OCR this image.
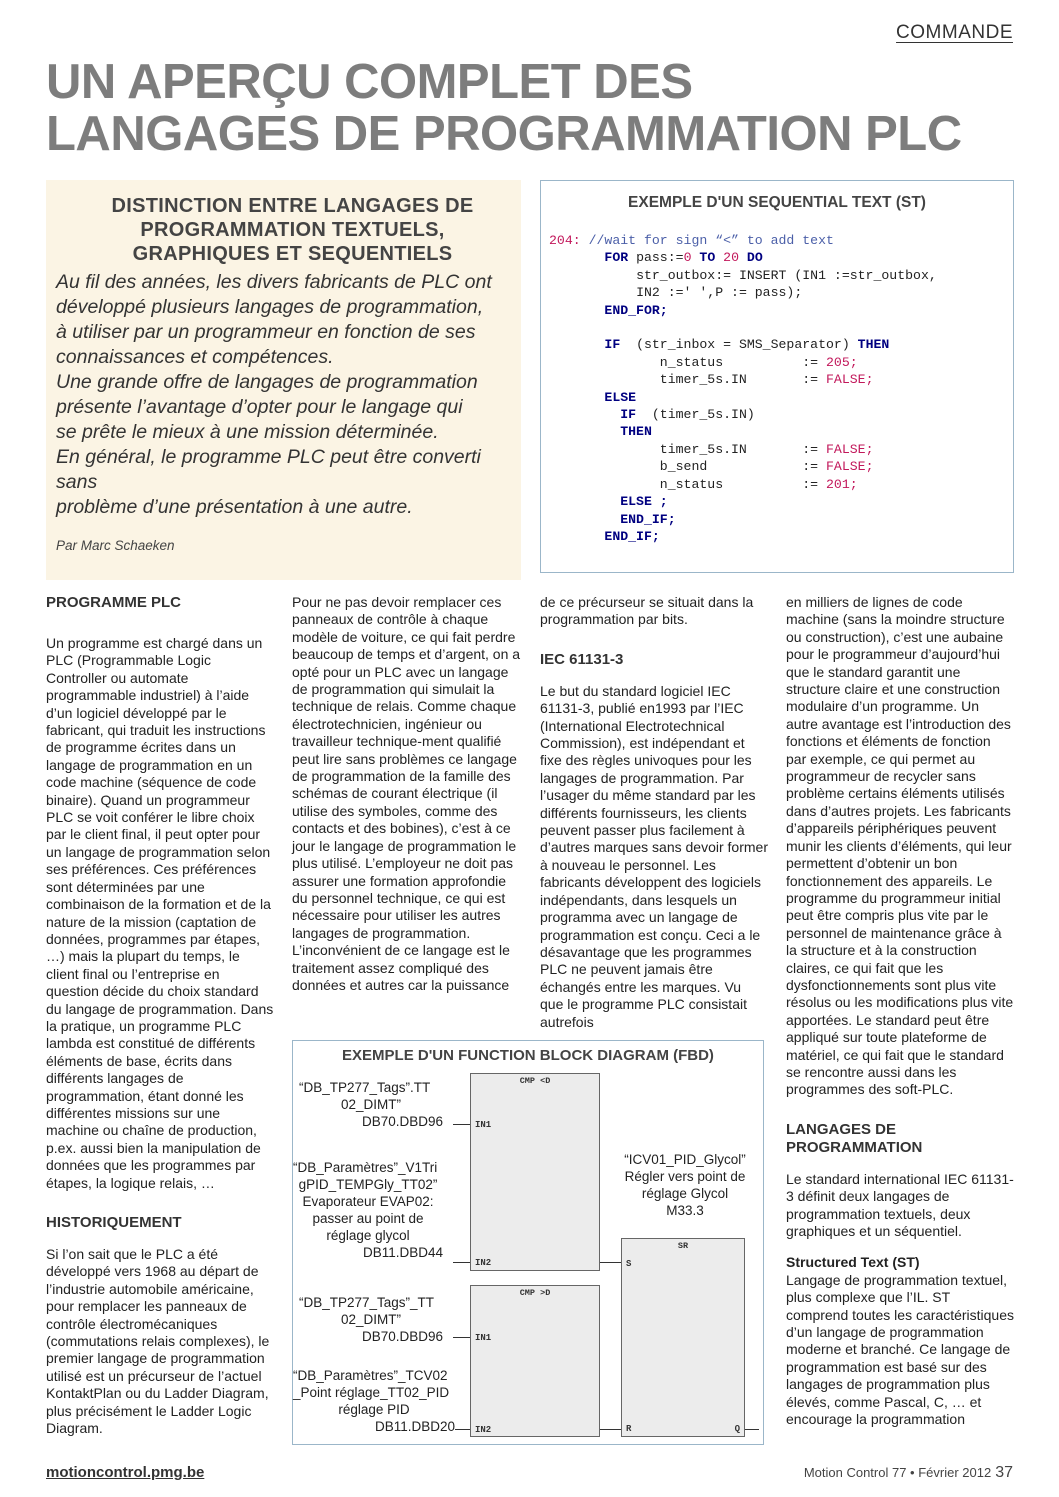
COMMANDE
UN APERÇU COMPLET DES
LANGAGES DE PROGRAMMATION PLC
DISTINCTION ENTRE LANGAGES DE
PROGRAMMATION TEXTUELS,
GRAPHIQUES ET SEQUENTIELS

Au fil des années, les divers fabricants de PLC ont

développé plusieurs langages de programmation,

à utiliser par un programmeur en fonction de ses

connaissances et compétences.

Une grande offre de langages de programmation

présente l’avantage d’opter pour le langage qui

se prête le mieux à une mission déterminée.

En général, le programme PLC peut être converti sans

problème d’une présentation à une autre.

Par Marc Schaeken
EXEMPLE D'UN SEQUENTIAL TEXT (ST)
204: //wait for sign “<” to add text
FOR pass:=0 TO 20 DO
str_outbox:= INSERT (IN1 :=str_outbox,
IN2 :=' ',P := pass);
END_FOR;

IF (str_inbox = SMS_Separator) THEN
n_status	:= 205;
timer_5s.IN	:= FALSE;
ELSE
IF (timer_5s.IN)
THEN
timer_5s.IN	:= FALSE;
b_send	:= FALSE;
n_status	:= 201;
ELSE ;
END_IF;
END_IF;
PROGRAMME PLC

Un programme est chargé dans un PLC (Programmable Logic Controller ou automate programmable industriel) à l’aide d’un logiciel développé par le fabricant, qui traduit les instructions de programme écrites dans un langage de programmation en un code machine (séquence de code binaire). Quand un programmeur PLC se voit conférer le libre choix par le client final, il peut opter pour un langage de programmation selon ses préférences. Ces préférences sont déterminées par une combinaison de la formation et de la nature de la mission (captation de données, programmes par étapes, …) mais la plupart du temps, le client final ou l’entreprise en question décide du choix standard du langage de programmation. Dans la pratique, un programme PLC lambda est constitué de différents éléments de base, écrits dans différents langages de programmation, étant donné les différentes missions sur une machine ou chaîne de production, p.ex. aussi bien la manipulation de données que les programmes par étapes, la logique relais, …

HISTORIQUEMENT

Si l’on sait que le PLC a été développé vers 1968 au départ de l’industrie automobile américaine, pour remplacer les panneaux de contrôle électromécaniques (commutations relais complexes), le premier langage de programmation utilisé est un précurseur de l’actuel KontaktPlan ou du Ladder Diagram, plus précisément le Ladder Logic Diagram.

Pour ne pas devoir remplacer ces panneaux de contrôle à chaque modèle de voiture, ce qui fait perdre beaucoup de temps et d’argent, on a opté pour un PLC avec un langage de programmation qui simulait la technique de relais. Comme chaque électrotechnicien, ingénieur ou travailleur technique-ment qualifié peut lire sans problèmes ce langage de programmation de la famille des schémas de courant électrique (il utilise des symboles, comme des contacts et des bobines), c’est à ce jour le langage de programmation le plus utilisé. L’employeur ne doit pas assurer une formation approfondie du personnel technique, ce qui est nécessaire pour utiliser les autres langages de programmation. L’inconvénient de ce langage est le traitement assez compliqué des données et autres car la puissance

de ce précurseur se situait dans la programmation par bits.

IEC 61131-3

Le but du standard logiciel IEC 61131-3, publié en1993 par l’IEC (International Electrotechnical Commission), est indépendant et fixe des règles univoques pour les langages de programmation. Par l’usager du même standard par les différents fournisseurs, les clients peuvent passer plus facilement à d’autres marques sans devoir former à nouveau le personnel. Les fabricants développent des logiciels indépendants, dans lesquels un programma avec un langage de programmation est conçu. Ceci a le désavantage que les programmes PLC ne peuvent jamais être échangés entre les marques. Vu que le programme PLC consistait autrefois

en milliers de lignes de code machine (sans la moindre structure ou construction), c’est une aubaine pour le programmeur d’aujourd’hui que le standard garantit une structure claire et une construction modulaire d’un programme. Un autre avantage est l’introduction des fonctions et éléments de fonction par exemple, ce qui permet au programmeur de recycler sans problème certains éléments utilisés dans d’autres projets. Les fabricants d’appareils périphériques peuvent munir les clients d’éléments, qui leur permettent d’obtenir un bon fonctionnement des appareils. Le programme du programmeur initial peut être compris plus vite par le personnel de maintenance grâce à la structure et à la construction claires, ce qui fait que les dysfonctionnements sont plus vite résolus ou les modifications plus vite apportées. Le standard peut être appliqué sur toute plateforme de matériel, ce qui fait que le standard se rencontre aussi dans les programmes des soft-PLC.

LANGAGES DE
PROGRAMMATION

Le standard international IEC 61131-3 définit deux langages de programmation textuels, deux graphiques et un séquentiel.

Structured Text (ST)

Langage de programmation textuel, plus complexe que l’IL. ST comprend toutes les caractéristiques d’un langage de programmation moderne et branché. Ce langage de programmation est basé sur des langages de programmation plus élevés, comme Pascal, C, … et encourage la programmation

EXEMPLE D'UN FUNCTION BLOCK DIAGRAM (FBD)
“DB_TP277_Tags”.TT
02_DIMT”
DB70.DBD96
“DB_Paramètres”_V1Tri
gPID_TEMPGly_TT02”
Evaporateur EVAP02:
passer au point de
réglage glycol
DB11.DBD44
“DB_TP277_Tags”_TT
02_DIMT”
DB70.DBD96
“DB_Paramètres”_TCV02
_Point réglage_TT02_PID
réglage PID
DB11.DBD20
“ICV01_PID_Glycol”
Régler vers point de
réglage Glycol
M33.3
CMP <D
IN1
IN2
CMP >D
IN1
IN2
SR
S
R	Q
motioncontrol.pmg.be	Motion Control 77 • Février 2012 37
